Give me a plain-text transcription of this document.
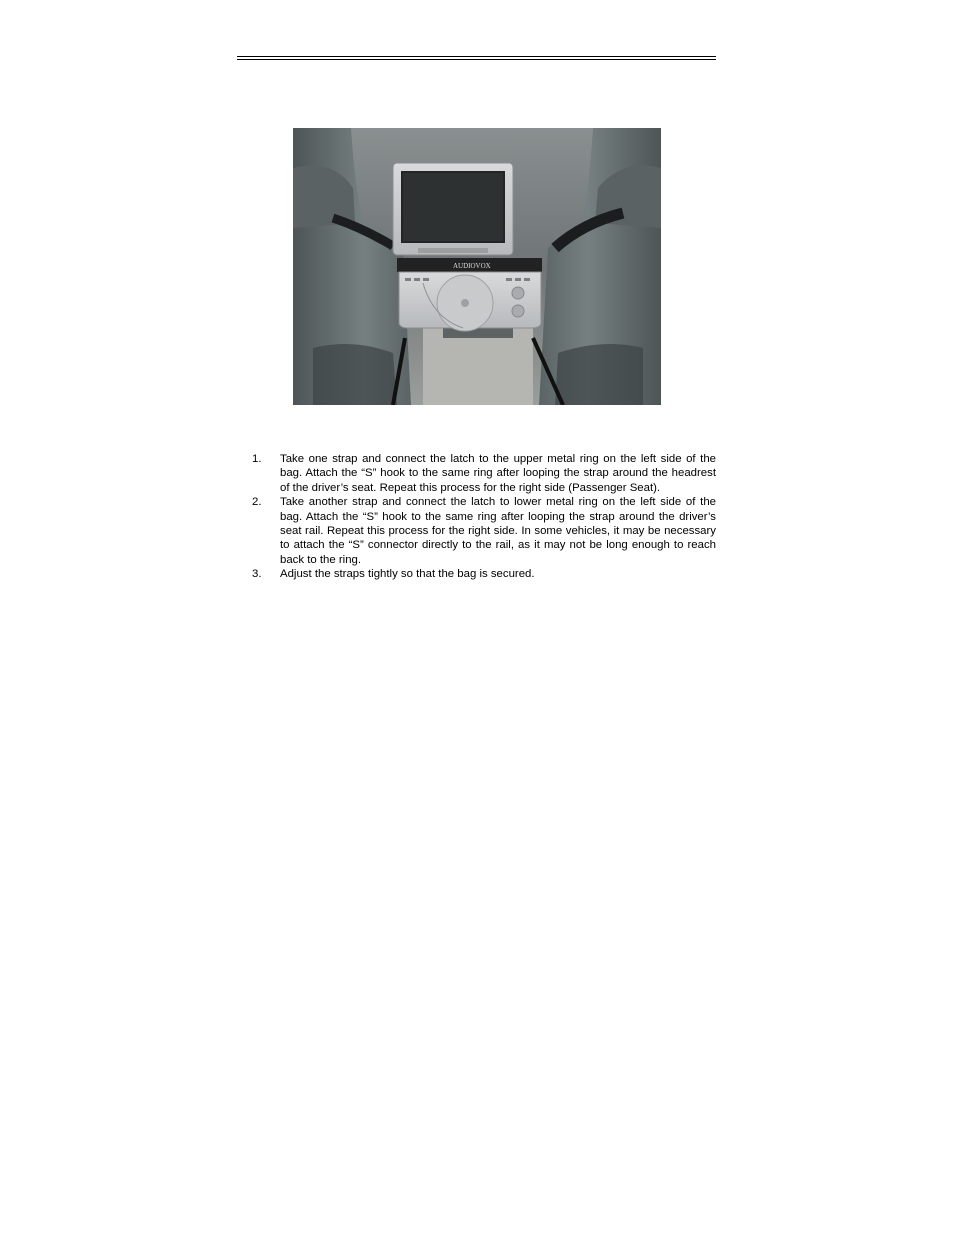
AUDIOVOX
1. Take one strap and connect the latch to the upper metal ring on the left side of the bag. Attach the “S” hook to the same ring after looping the strap around the headrest of the driver’s seat. Repeat this process for the right side (Passenger Seat).
2. Take another strap and connect the latch to lower metal ring on the left side of the bag. Attach the “S” hook to the same ring after looping the strap around the driver’s seat rail. Repeat this process for the right side. In some vehicles, it may be necessary to attach the “S” connector directly to the rail, as it may not be long enough to reach back to the ring.
3. Adjust the straps tightly so that the bag is secured.
